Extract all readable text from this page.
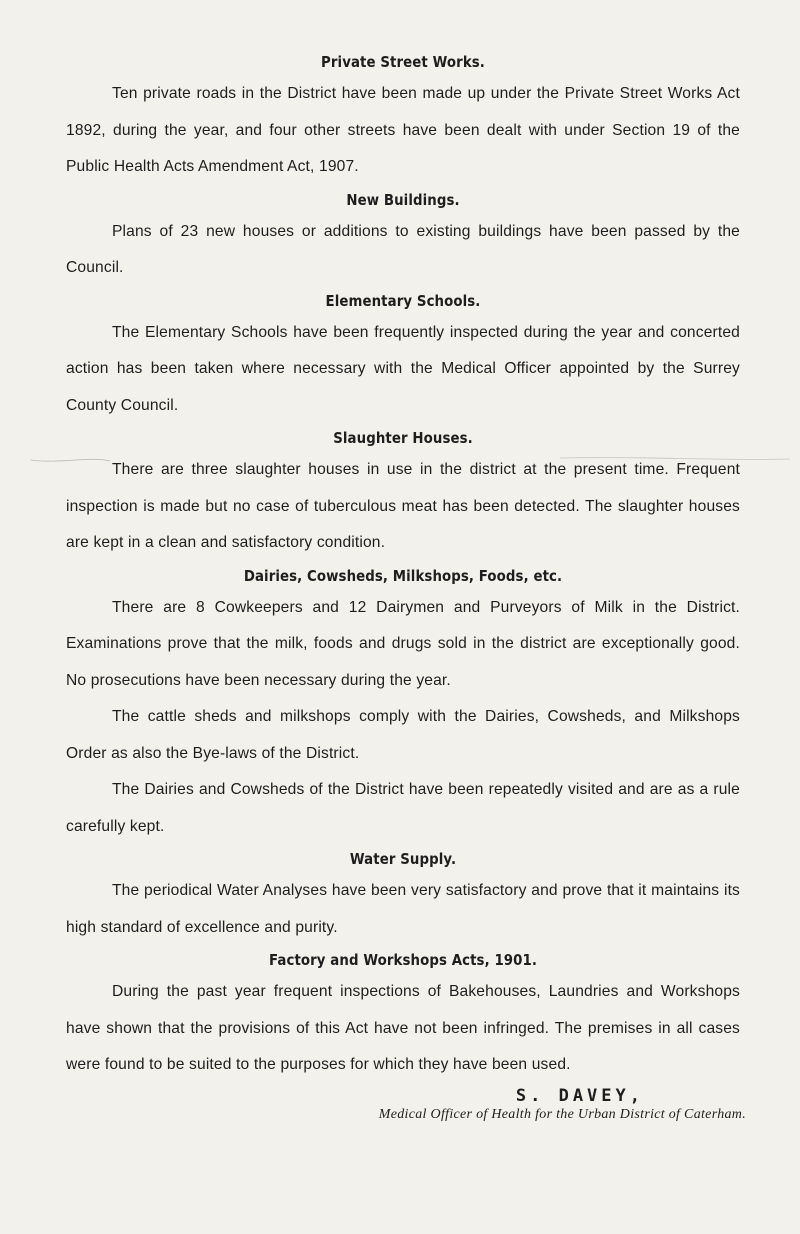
Private Street Works.

Ten private roads in the District have been made up under the Private Street Works Act 1892, during the year, and four other streets have been dealt with under Section 19 of the Public Health Acts Amendment Act, 1907.

New Buildings.

Plans of 23 new houses or additions to existing buildings have been passed by the Council.

Elementary Schools.

The Elementary Schools have been frequently inspected during the year and concerted action has been taken where necessary with the Medical Officer appointed by the Surrey County Council.

Slaughter Houses.

There are three slaughter houses in use in the district at the present time. Frequent inspection is made but no case of tuberculous meat has been detected. The slaughter houses are kept in a clean and satisfactory condition.

Dairies, Cowsheds, Milkshops, Foods, etc.

There are 8 Cowkeepers and 12 Dairymen and Purveyors of Milk in the District. Examinations prove that the milk, foods and drugs sold in the district are exceptionally good. No prosecutions have been necessary during the year.

The cattle sheds and milkshops comply with the Dairies, Cowsheds, and Milkshops Order as also the Bye-laws of the District.

The Dairies and Cowsheds of the District have been repeatedly visited and are as a rule carefully kept.

Water Supply.

The periodical Water Analyses have been very satisfactory and prove that it maintains its high standard of excellence and purity.

Factory and Workshops Acts, 1901.

During the past year frequent inspections of Bakehouses, Laundries and Workshops have shown that the provisions of this Act have not been infringed. The premises in all cases were found to be suited to the purposes for which they have been used.

S. DAVEY,
Medical Officer of Health for the Urban District of Caterham.
